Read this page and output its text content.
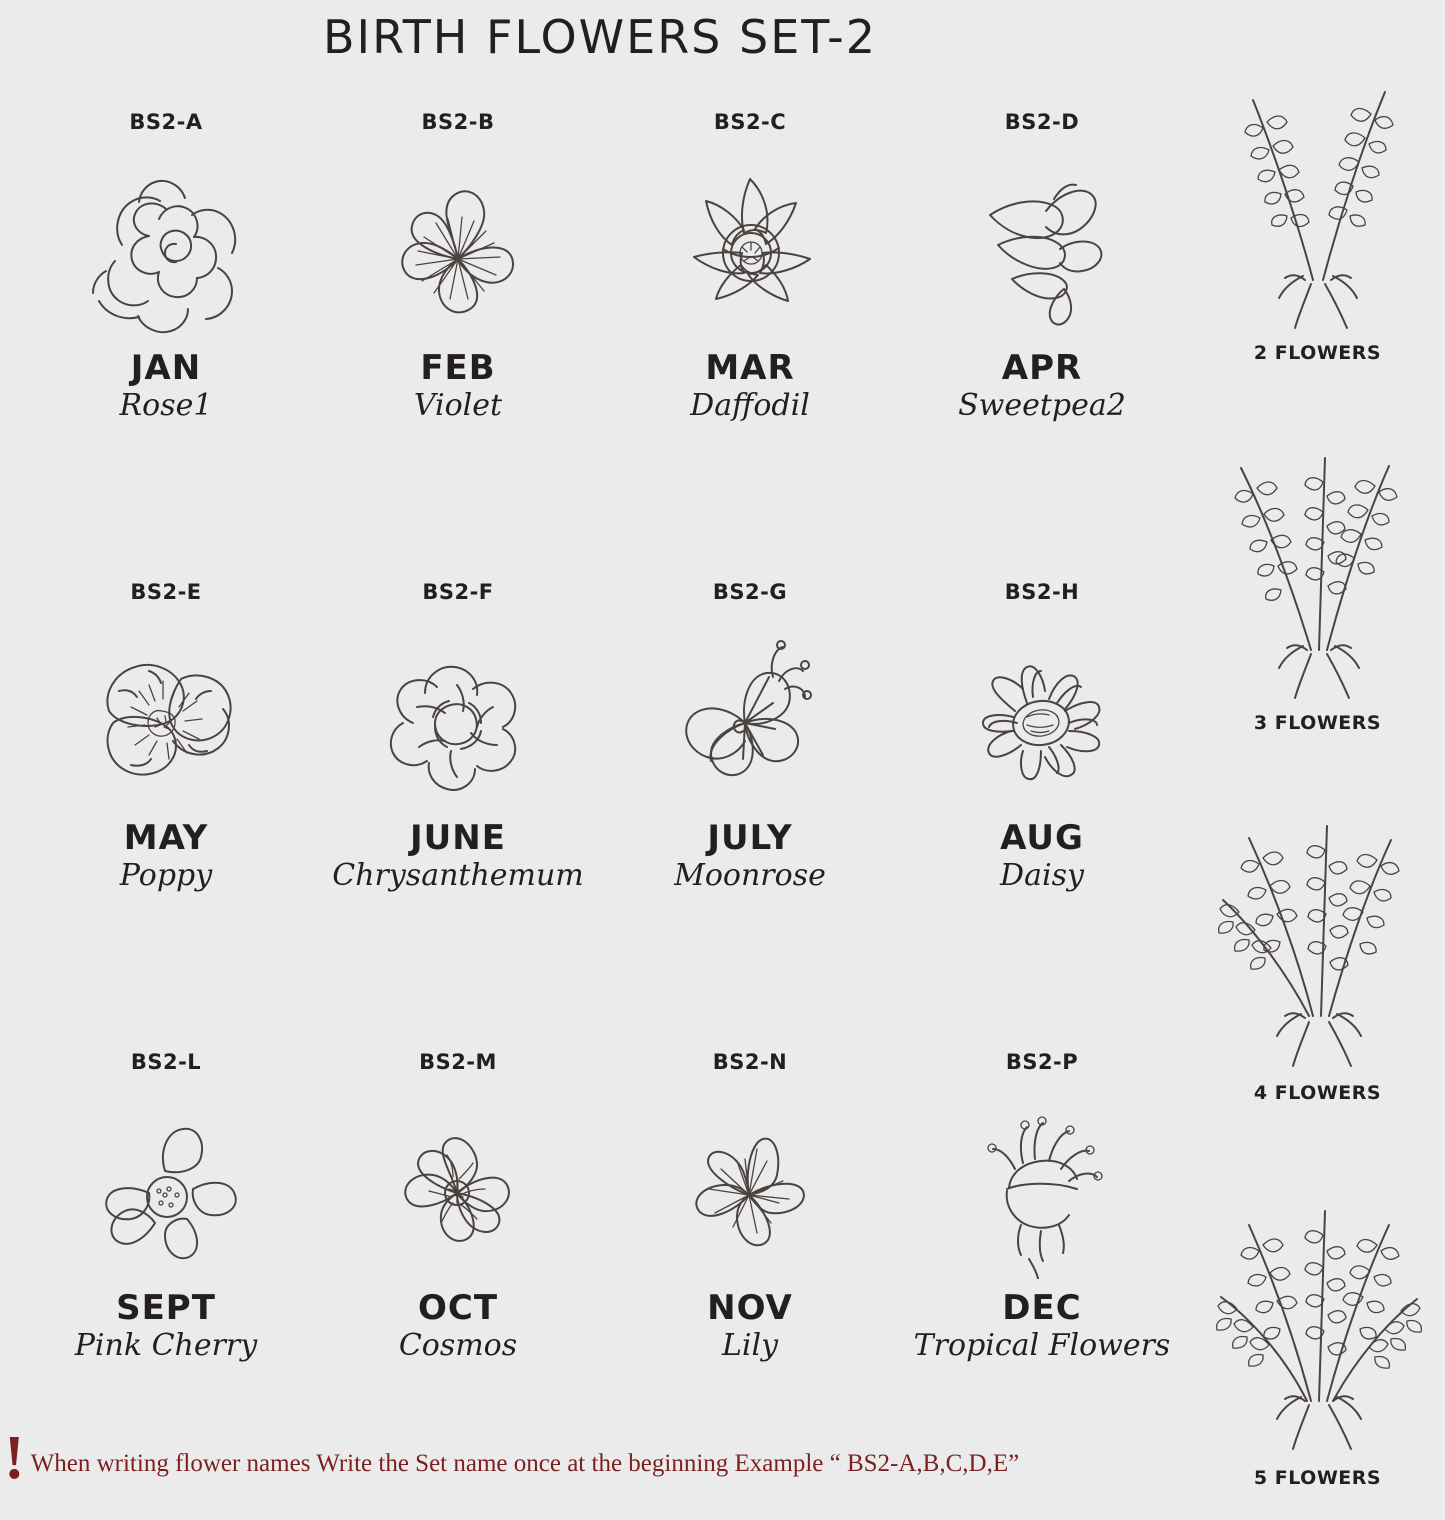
BIRTH FLOWERS SET-2
BS2-A
JAN
Rose1
BS2-B
FEB
Violet
BS2-C
MAR
Daffodil
BS2-D
APR
Sweetpea2
BS2-E
MAY
Poppy
BS2-F
JUNE
Chrysanthemum
BS2-G
JULY
Moonrose
BS2-H
AUG
Daisy
BS2-L
SEPT
Pink Cherry
BS2-M
OCT
Cosmos
BS2-N
NOV
Lily
BS2-P
DEC
Tropical Flowers
2 FLOWERS
3 FLOWERS
4 FLOWERS
5 FLOWERS
! When writing flower names Write the Set name once at the beginning Example “ BS2-A,B,C,D,E”
